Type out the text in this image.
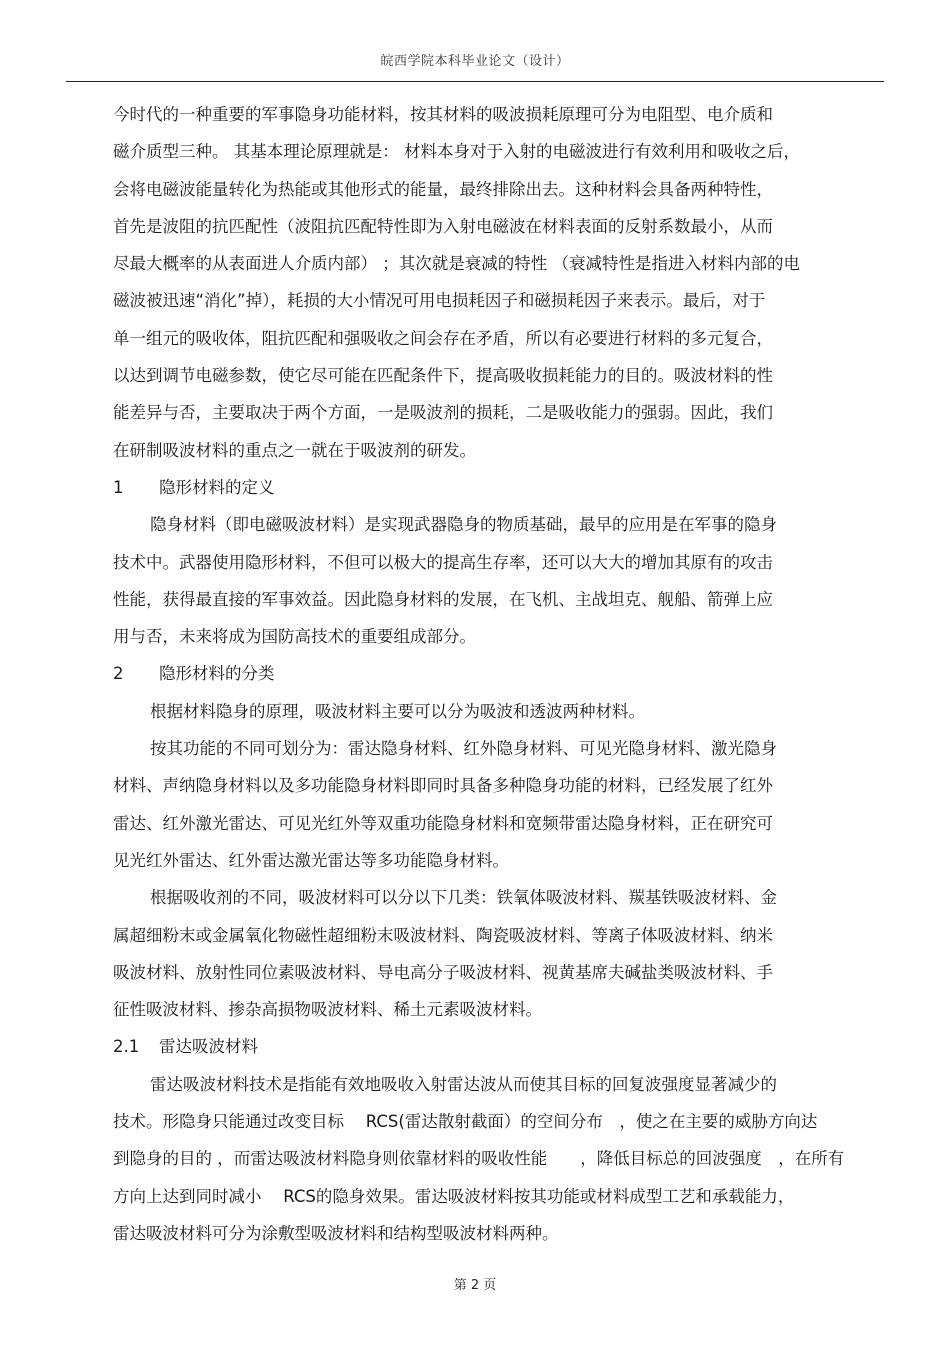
皖西学院本科毕业论文（设计）
今时代的一种重要的军事隐身功能材料，按其材料的吸波损耗原理可分为电阻型、电介质和
磁介质型三种。 其基本理论原理就是： 材料本身对于入射的电磁波进行有效利用和吸收之后，
会将电磁波能量转化为热能或其他形式的能量，最终排除出去。这种材料会具备两种特性，
首先是波阻的抗匹配性（波阻抗匹配特性即为入射电磁波在材料表面的反射系数最小，从而
尽最大概率的从表面进人介质内部） ；其次就是衰减的特性 （衰减特性是指进入材料内部的电
磁波被迅速“消化”掉），耗损的大小情况可用电损耗因子和磁损耗因子来表示。最后，对于
单一组元的吸收体，阻抗匹配和强吸收之间会存在矛盾，所以有必要进行材料的多元复合，
以达到调节电磁参数，使它尽可能在匹配条件下，提高吸收损耗能力的目的。吸波材料的性
能差异与否，主要取决于两个方面，一是吸波剂的损耗，二是吸收能力的强弱。因此，我们
在研制吸波材料的重点之一就在于吸波剂的研发。
1 隐形材料的定义
隐身材料（即电磁吸波材料）是实现武器隐身的物质基础，最早的应用是在军事的隐身
技术中。武器使用隐形材料，不但可以极大的提高生存率，还可以大大的增加其原有的攻击
性能，获得最直接的军事效益。因此隐身材料的发展，在飞机、主战坦克、舰船、箭弹上应
用与否，未来将成为国防高技术的重要组成部分。
2 隐形材料的分类
根据材料隐身的原理，吸波材料主要可以分为吸波和透波两种材料。
按其功能的不同可划分为：雷达隐身材料、红外隐身材料、可见光隐身材料、激光隐身
材料、声纳隐身材料以及多功能隐身材料即同时具备多种隐身功能的材料，已经发展了红外
雷达、红外激光雷达、可见光红外等双重功能隐身材料和宽频带雷达隐身材料，正在研究可
见光红外雷达、红外雷达激光雷达等多功能隐身材料。
根据吸收剂的不同，吸波材料可以分以下几类：铁氧体吸波材料、羰基铁吸波材料、金
属超细粉末或金属氧化物磁性超细粉末吸波材料、陶瓷吸波材料、等离子体吸波材料、纳米
吸波材料、放射性同位素吸波材料、导电高分子吸波材料、视黄基席夫碱盐类吸波材料、手
征性吸波材料、掺杂高损物吸波材料、稀土元素吸波材料。
2.1 雷达吸波材料
雷达吸波材料技术是指能有效地吸收入射雷达波从而使其目标的回复波强度显著减少的
技术。形隐身只能通过改变目标　 RCS(雷达散射截面）的空间分布　，使之在主要的威胁方向达
到隐身的目的 ，而雷达吸波材料隐身则依靠材料的吸收性能　　，降低目标总的回波强度　，在所有
方向上达到同时减小　 RCS的隐身效果。雷达吸波材料按其功能或材料成型工艺和承载能力，
雷达吸波材料可分为涂敷型吸波材料和结构型吸波材料两种。
第 2 页
